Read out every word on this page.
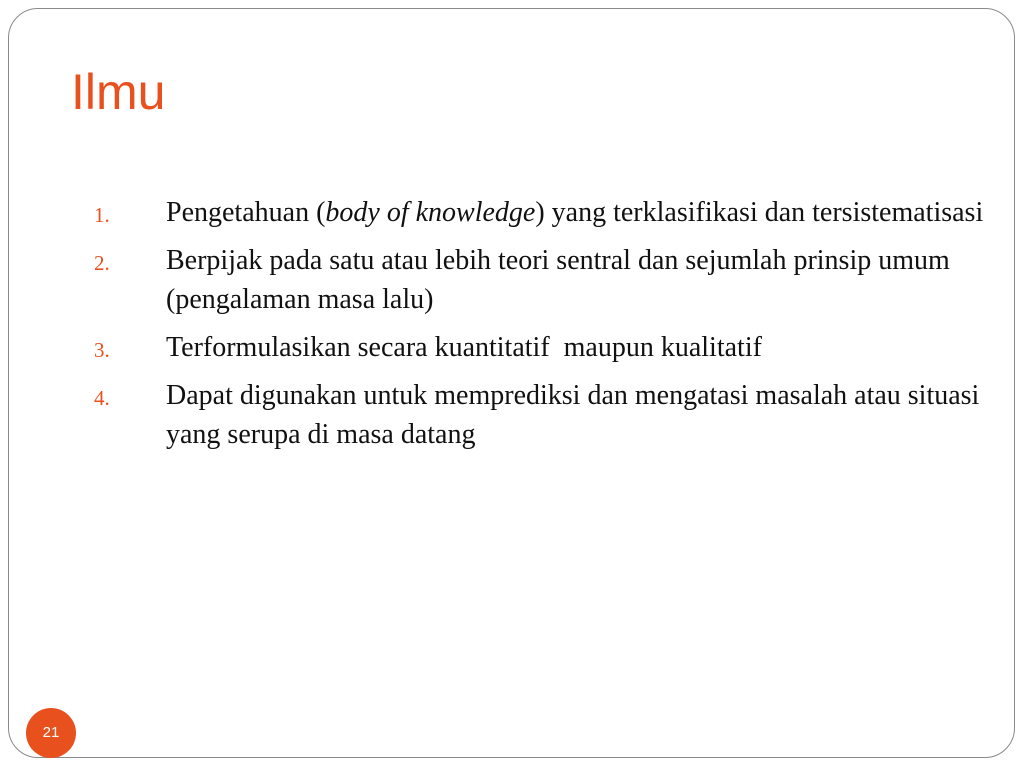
Ilmu
1. Pengetahuan (body of knowledge) yang terklasifikasi dan tersistematisasi
2. Berpijak pada satu atau lebih teori sentral dan sejumlah prinsip umum (pengalaman masa lalu)
3. Terformulasikan secara kuantitatif  maupun kualitatif
4. Dapat digunakan untuk memprediksi dan mengatasi masalah atau situasi yang serupa di masa datang
21
